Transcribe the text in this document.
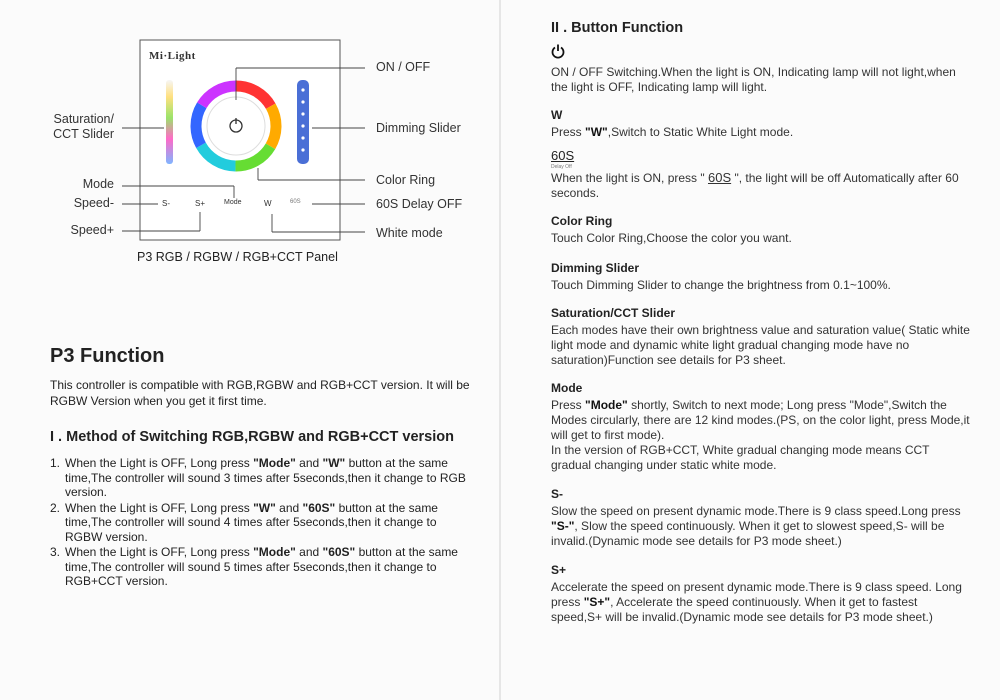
Mi·Light
S-	S+	Mode	W	60S
Saturation/
CCT Slider
Mode
Speed-
Speed+
ON / OFF
Dimming Slider
Color Ring
60S Delay OFF
White mode
P3 RGB / RGBW / RGB+CCT Panel
P3 Function
This controller is compatible with RGB,RGBW and RGB+CCT version. It will be RGBW Version when you get it first time.
I . Method of Switching RGB,RGBW and RGB+CCT version
1. When the Light is OFF, Long press "Mode" and "W" button at the same time,The controller will sound 3 times after 5seconds,then it change to RGB version.
2. When the Light is OFF, Long press "W" and "60S" button at the same time,The controller will sound 4 times after 5seconds,then it change to RGBW version.
3. When the Light is OFF, Long press "Mode" and "60S" button at the same time,The controller will sound 5 times after 5seconds,then it change to RGB+CCT version.
II . Button Function
ON / OFF Switching.When the light is ON, Indicating lamp will not light,when the light is OFF, Indicating lamp will light.
W
Press "W",Switch to Static White Light mode.
60S
Delay Off
When the light is ON, press " 60S ", the light will be off Automatically after 60 seconds.
Color Ring
Touch Color Ring,Choose the color you want.
Dimming Slider
Touch Dimming Slider to change the brightness from 0.1~100%.
Saturation/CCT Slider
Each modes have their own brightness value and saturation value( Static white light mode and dynamic white light gradual changing mode have no saturation)Function see details for P3 sheet.
Mode
Press "Mode" shortly, Switch to next mode; Long press "Mode",Switch the Modes circularly, there are 12 kind modes.(PS, on the color light, press Mode,it will get to first mode).
In the version of RGB+CCT, White gradual changing mode means CCT gradual changing under static white mode.
S-
Slow the speed on present dynamic mode.There is 9 class speed.Long press "S-", Slow the speed continuously. When it get to slowest speed,S- will be invalid.(Dynamic mode see details for P3 mode sheet.)
S+
Accelerate the speed on present dynamic mode.There is 9 class speed. Long press "S+", Accelerate the speed continuously. When it get to fastest speed,S+ will be invalid.(Dynamic mode see details for P3 mode sheet.)
